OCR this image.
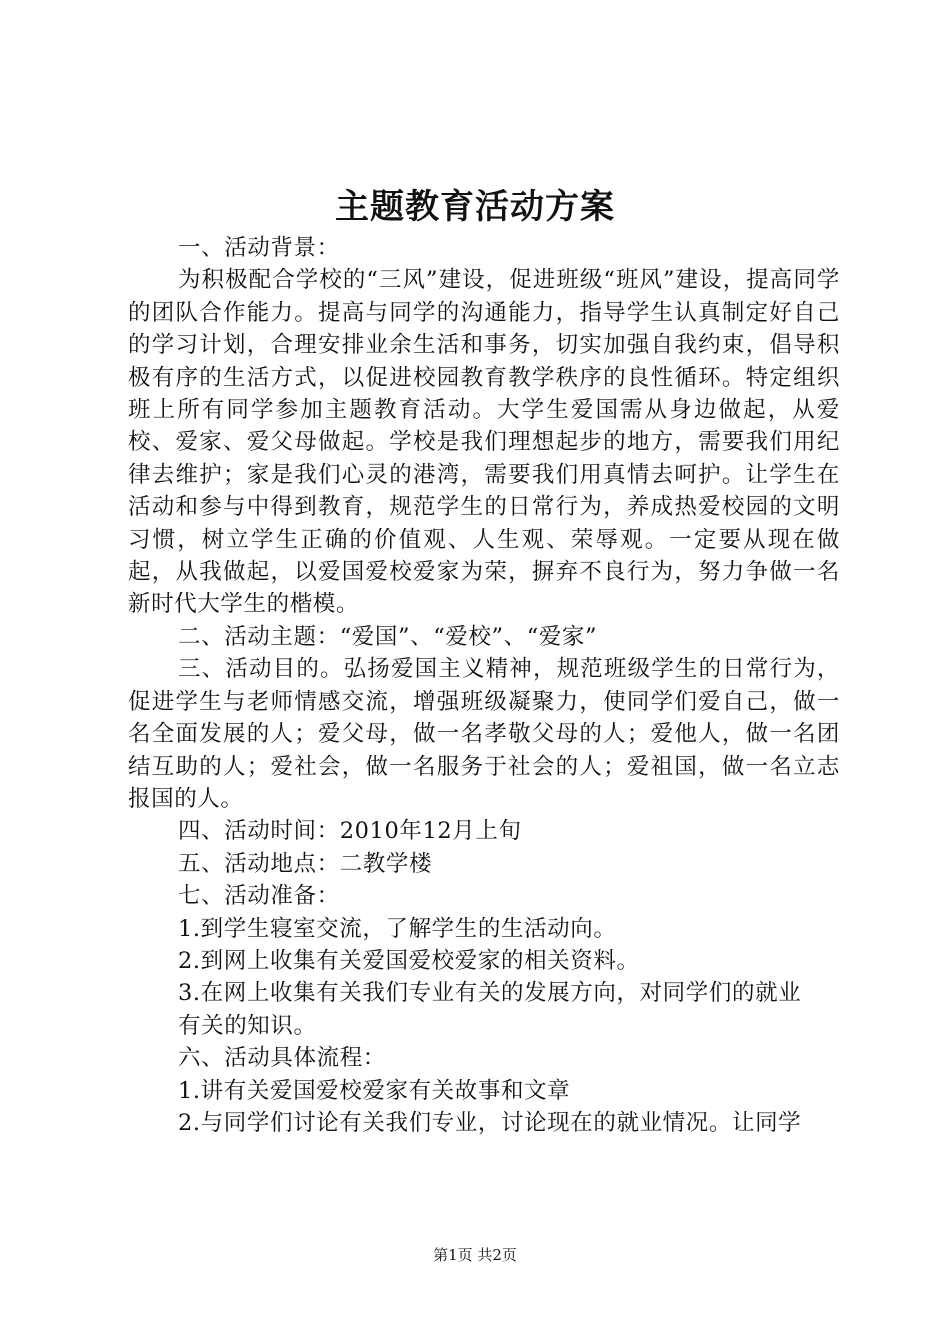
主题教育活动方案

一、活动背景：

为积极配合学校的“三风”建设，促进班级“班风”建设，提高同学的团队合作能力。提高与同学的沟通能力，指导学生认真制定好自己的学习计划，合理安排业余生活和事务，切实加强自我约束，倡导积极有序的生活方式，以促进校园教育教学秩序的良性循环。特定组织班上所有同学参加主题教育活动。大学生爱国需从身边做起，从爱校、爱家、爱父母做起。学校是我们理想起步的地方，需要我们用纪律去维护；家是我们心灵的港湾，需要我们用真情去呵护。让学生在活动和参与中得到教育，规范学生的日常行为，养成热爱校园的文明习惯，树立学生正确的价值观、人生观、荣辱观。一定要从现在做起，从我做起，以爱国爱校爱家为荣，摒弃不良行为，努力争做一名新时代大学生的楷模。

二、活动主题：“爱国”、“爱校”、“爱家”

三、活动目的。弘扬爱国主义精神，规范班级学生的日常行为，促进学生与老师情感交流，增强班级凝聚力，使同学们爱自己，做一名全面发展的人；爱父母，做一名孝敬父母的人；爱他人，做一名团结互助的人；爱社会，做一名服务于社会的人；爱祖国，做一名立志报国的人。

四、活动时间：2010年12月上旬

五、活动地点：二教学楼

七、活动准备：

1.到学生寝室交流，了解学生的生活动向。

2.到网上收集有关爱国爱校爱家的相关资料。

3.在网上收集有关我们专业有关的发展方向，对同学们的就业

有关的知识。

六、活动具体流程：

1.讲有关爱国爱校爱家有关故事和文章

2.与同学们讨论有关我们专业，讨论现在的就业情况。让同学

第1页 共2页
